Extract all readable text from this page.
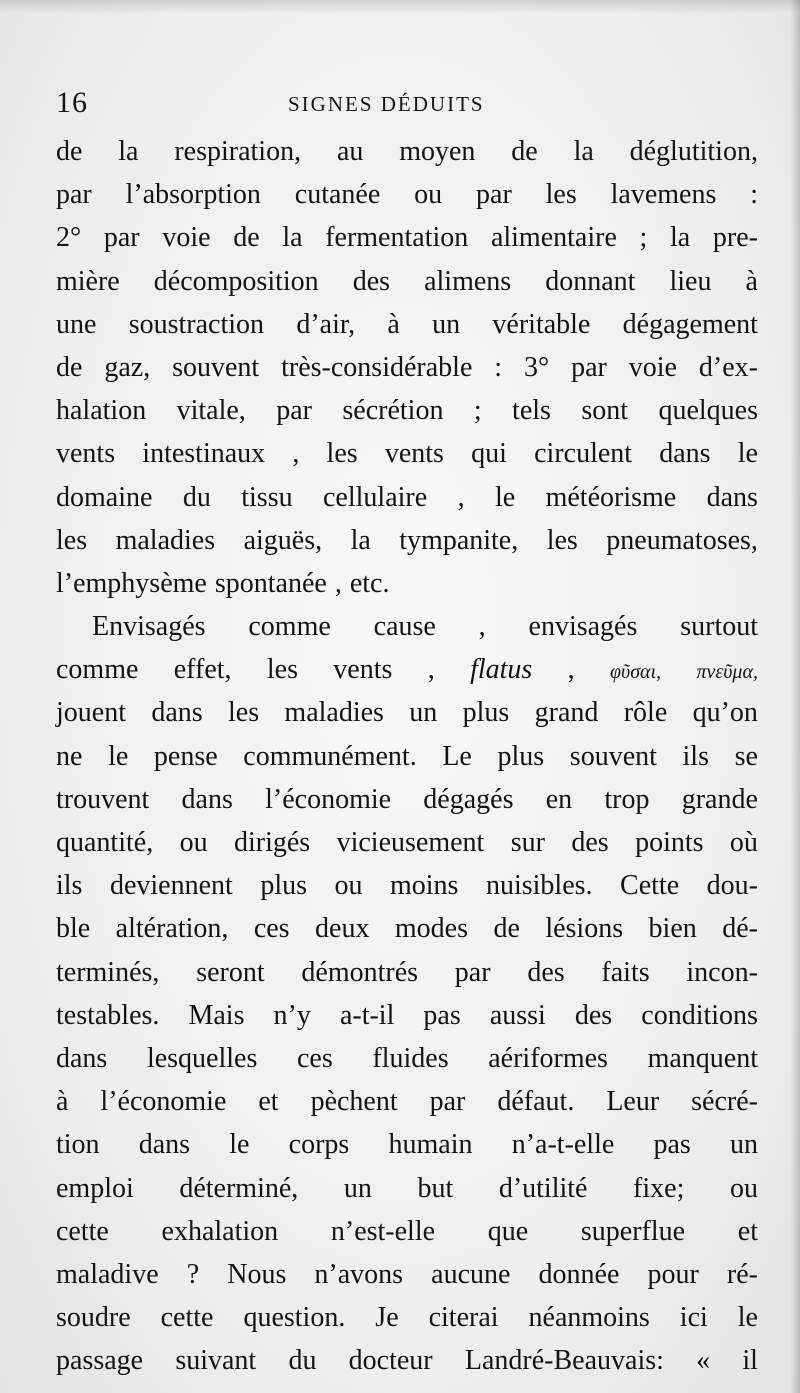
16	SIGNES DÉDUITS
de la respiration, au moyen de la déglutition,
par l’absorption cutanée ou par les lavemens :
2° par voie de la fermentation alimentaire ; la pre-
mière décomposition des alimens donnant lieu à
une soustraction d’air, à un véritable dégagement
de gaz, souvent très-considérable : 3° par voie d’ex-
halation vitale, par sécrétion ; tels sont quelques
vents intestinaux , les vents qui circulent dans le
domaine du tissu cellulaire , le météorisme dans
les maladies aiguës, la tympanite, les pneumatoses,
l’emphysème spontanée , etc.
Envisagés comme cause , envisagés surtout
comme effet, les vents , flatus , φῦσαι, πνεῦμα,
jouent dans les maladies un plus grand rôle qu’on
ne le pense communément. Le plus souvent ils se
trouvent dans l’économie dégagés en trop grande
quantité, ou dirigés vicieusement sur des points où
ils deviennent plus ou moins nuisibles. Cette dou-
ble altération, ces deux modes de lésions bien dé-
terminés, seront démontrés par des faits incon-
testables. Mais n’y a-t-il pas aussi des conditions
dans lesquelles ces fluides aériformes manquent
à l’économie et pèchent par défaut. Leur sécré-
tion dans le corps humain n’a-t-elle pas un
emploi déterminé, un but d’utilité fixe; ou
cette exhalation n’est-elle que superflue et
maladive ? Nous n’avons aucune donnée pour ré-
soudre cette question. Je citerai néanmoins ici le
passage suivant du docteur Landré-Beauvais: « il
